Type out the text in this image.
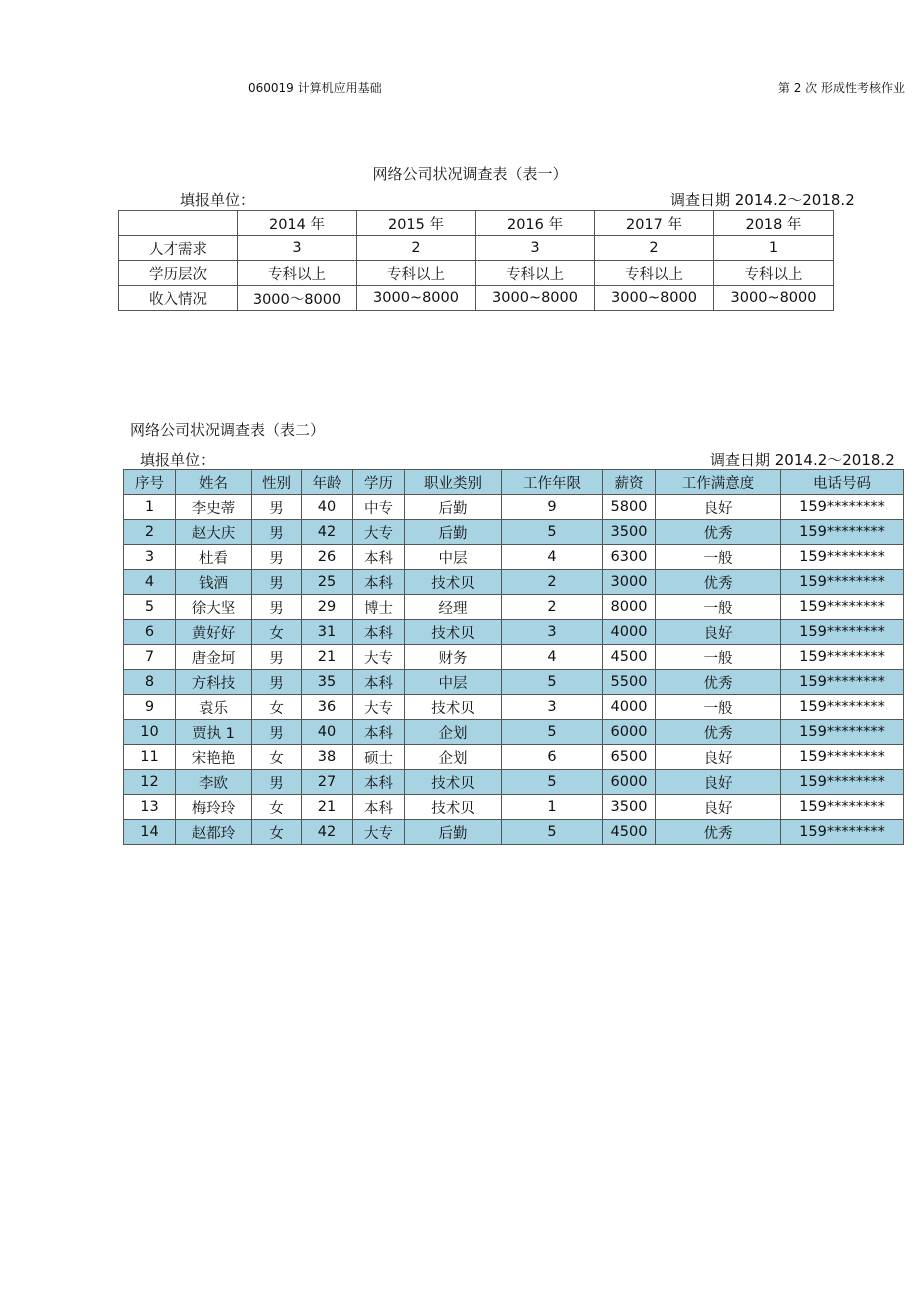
060019 计算机应用基础	第 2 次 形成性考核作业
网络公司状况调查表（表一）
填报单位：	调查日期 2014.2〜2018.2
	2014 年	2015 年	2016 年	2017 年	2018 年
人才需求	3	2	3	2	1
学历层次	专科以上	专科以上	专科以上	专科以上	专科以上
收入情况	3000〜8000	3000~8000	3000~8000	3000~8000	3000~8000
网络公司状况调查表（表二）
填报单位：	调查日期 2014.2〜2018.2
序号	姓名	性别	年龄	学历	职业类别	工作年限	薪资	工作满意度	电话号码
1	李史蒂	男	40	中专	后勤	9	5800	良好	159********
2	赵大庆	男	42	大专	后勤	5	3500	优秀	159********
3	杜看	男	26	本科	中层	4	6300	一般	159********
4	钱酒	男	25	本科	技术贝	2	3000	优秀	159********
5	徐大坚	男	29	博士	经理	2	8000	一般	159********
6	黄好好	女	31	本科	技术贝	3	4000	良好	159********
7	唐金坷	男	21	大专	财务	4	4500	一般	159********
8	方科技	男	35	本科	中层	5	5500	优秀	159********
9	袁乐	女	36	大专	技术贝	3	4000	一般	159********
10	贾执 1	男	40	本科	企划	5	6000	优秀	159********
11	宋艳艳	女	38	硕士	企划	6	6500	良好	159********
12	李欧	男	27	本科	技术贝	5	6000	良好	159********
13	梅玲玲	女	21	本科	技术贝	1	3500	良好	159********
14	赵都玲	女	42	大专	后勤	5	4500	优秀	159********
